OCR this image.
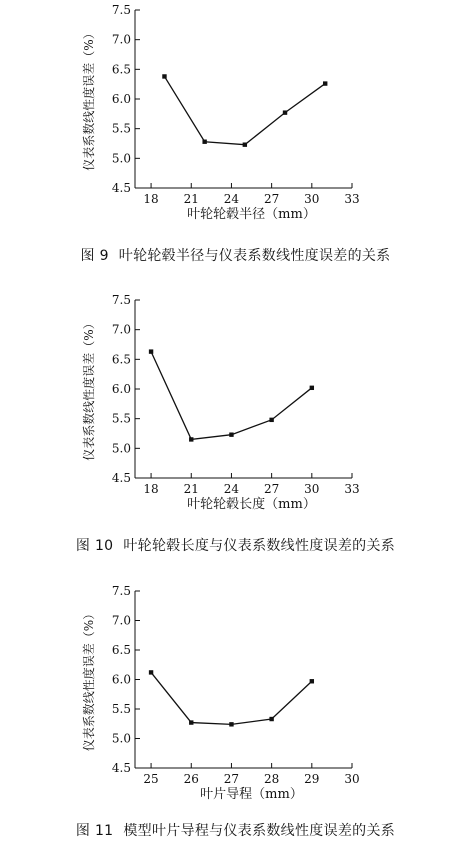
7.5
7.0
6.5
6.0
5.5
5.0
4.5
18 21 24 27 30 33
叶轮轮毂半径（mm）
仪表系数线性度误差（%）
图 9 叶轮轮毂半径与仪表系数线性度误差的关系
7.5
7.0
6.5
6.0
5.5
5.0
4.5
18 21 24 27 30 33
叶轮轮毂长度（mm）
仪表系数线性度误差（%）
图 10 叶轮轮毂长度与仪表系数线性度误差的关系
7.5
7.0
6.5
6.0
5.5
5.0
4.5
25 26 27 28 29 30
叶片导程（mm）
仪表系数线性度误差（%）
图 11 模型叶片导程与仪表系数线性度误差的关系
